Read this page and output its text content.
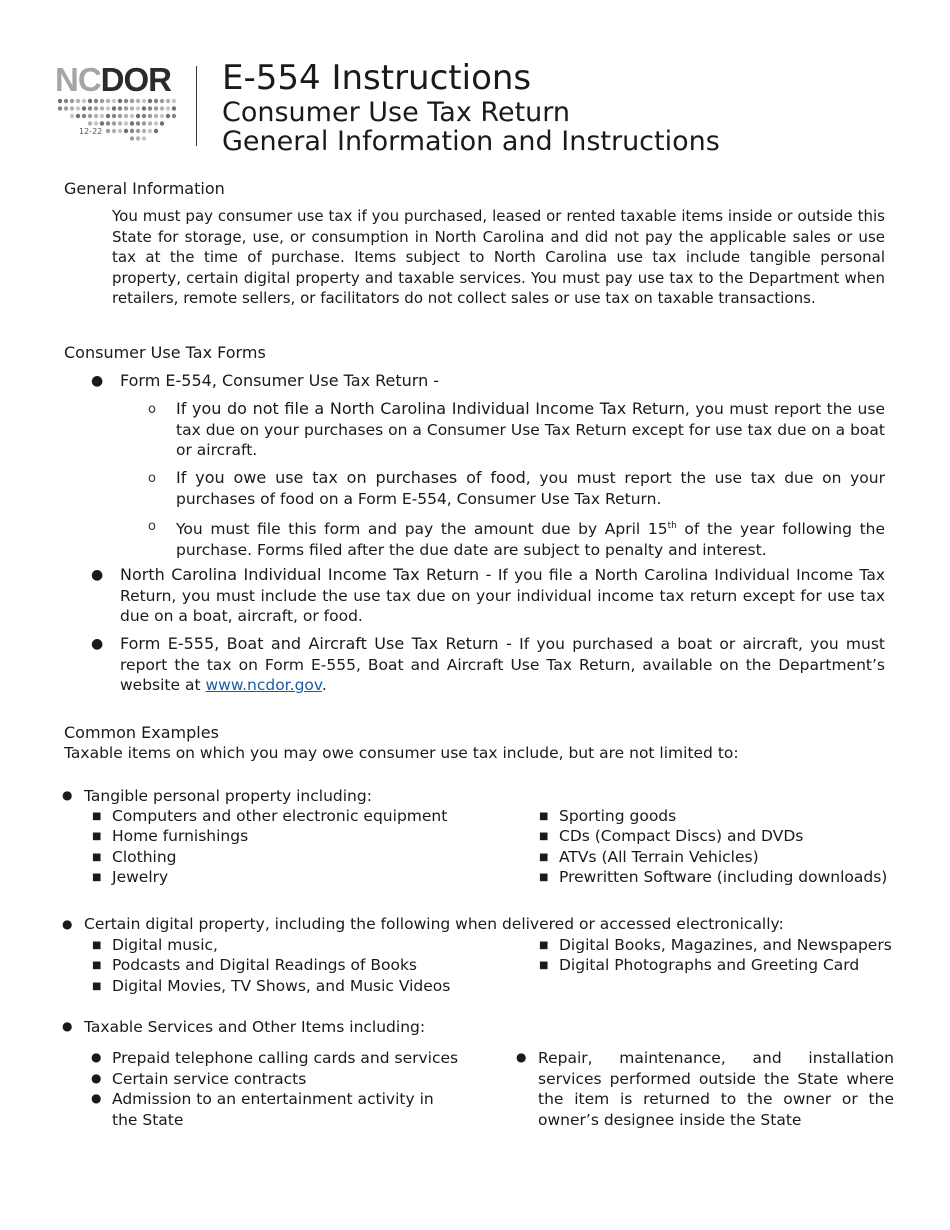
NCDOR
12-22
E-554 Instructions
Consumer Use Tax Return
General Information and Instructions
General Information
You must pay consumer use tax if you purchased, leased or rented taxable items inside or outside this State for storage, use, or consumption in North Carolina and did not pay the applicable sales or use tax at the time of purchase. Items subject to North Carolina use tax include tangible personal property, certain digital property and taxable services. You must pay use tax to the Department when retailers, remote sellers, or facilitators do not collect sales or use tax on taxable transactions.
Consumer Use Tax Forms
● Form E-554, Consumer Use Tax Return -
o If you do not file a North Carolina Individual Income Tax Return, you must report the use tax due on your purchases on a Consumer Use Tax Return except for use tax due on a boat or aircraft.
o If you owe use tax on purchases of food, you must report the use tax due on your purchases of food on a Form E-554, Consumer Use Tax Return.
o You must file this form and pay the amount due by April 15th of the year following the purchase. Forms filed after the due date are subject to penalty and interest.
● North Carolina Individual Income Tax Return - If you file a North Carolina Individual Income Tax Return, you must include the use tax due on your individual income tax return except for use tax due on a boat, aircraft, or food.
● Form E-555, Boat and Aircraft Use Tax Return - If you purchased a boat or aircraft, you must report the tax on Form E-555, Boat and Aircraft Use Tax Return, available on the Department’s website at www.ncdor.gov.
Common Examples
Taxable items on which you may owe consumer use tax include, but are not limited to:
● Tangible personal property including:
■ Computers and other electronic equipment
■ Home furnishings
■ Clothing
■ Jewelry
■ Sporting goods
■ CDs (Compact Discs) and DVDs
■ ATVs (All Terrain Vehicles)
■ Prewritten Software (including downloads)
● Certain digital property, including the following when delivered or accessed electronically:
■ Digital music,
■ Podcasts and Digital Readings of Books
■ Digital Movies, TV Shows, and Music Videos
■ Digital Books, Magazines, and Newspapers
■ Digital Photographs and Greeting Card
● Taxable Services and Other Items including:
● Prepaid telephone calling cards and services
● Certain service contracts
● Admission to an entertainment activity in the State
● Repair, maintenance, and installation services performed outside the State where the item is returned to the owner or the owner’s designee inside the State
